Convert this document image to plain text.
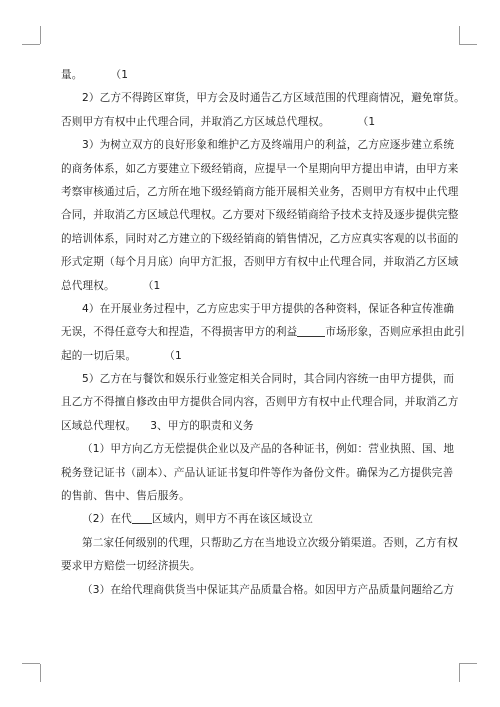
量。	（1
2）乙方不得跨区窜货，甲方会及时通告乙方区域范围的代理商情况，避免窜货。
否则甲方有权中止代理合同，并取消乙方区域总代理权。	（1
3）为树立双方的良好形象和维护乙方及终端用户的利益，乙方应逐步建立系统
的商务体系，如乙方要建立下级经销商，应提早一个星期向甲方提出申请，由甲方来
考察审核通过后，乙方所在地下级经销商方能开展相关业务，否则甲方有权中止代理
合同，并取消乙方区域总代理权。乙方要对下级经销商给予技术支持及逐步提供完整
的培训体系，同时对乙方建立的下级经销商的销售情况，乙方应真实客观的以书面的
形式定期（每个月月底）向甲方汇报，否则甲方有权中止代理合同，并取消乙方区域
总代理权。	（1
4）在开展业务过程中，乙方应忠实于甲方提供的各种资料，保证各种宣传准确
无误，不得任意夸大和捏造，不得损害甲方的利益	市场形象，否则应承担由此引
起的一切后果。	（1
5）乙方在与餐饮和娱乐行业签定相关合同时，其合同内容统一由甲方提供，而
且乙方不得擅自修改由甲方提供合同内容，否则甲方有权中止代理合同，并取消乙方
区域总代理权。 3、甲方的职责和义务
（1）甲方向乙方无偿提供企业以及产品的各种证书，例如：营业执照、国、地
税务登记证书（副本）、产品认证证书复印件等作为备份文件。确保为乙方提供完善
的售前、售中、售后服务。
（2）在代 区域内，则甲方不再在该区域设立
第二家任何级别的代理，只帮助乙方在当地设立次级分销渠道。否则，乙方有权
要求甲方赔偿一切经济损失。
（3）在给代理商供货当中保证其产品质量合格。如因甲方产品质量问题给乙方
